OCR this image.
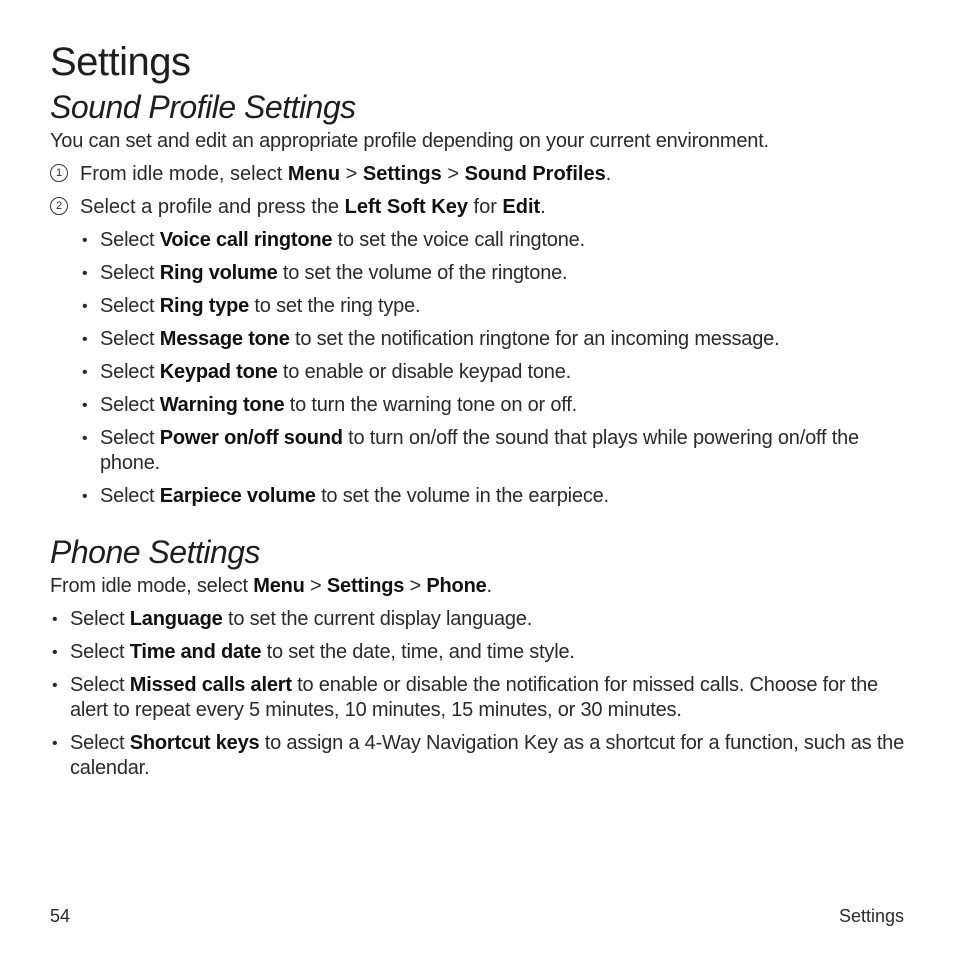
Settings
Sound Profile Settings

You can set and edit an appropriate profile depending on your current environment.

1 From idle mode, select Menu > Settings > Sound Profiles.
2 Select a profile and press the Left Soft Key for Edit.
• Select Voice call ringtone to set the voice call ringtone.
• Select Ring volume to set the volume of the ringtone.
• Select Ring type to set the ring type.
• Select Message tone to set the notification ringtone for an incoming message.
• Select Keypad tone to enable or disable keypad tone.
• Select Warning tone to turn the warning tone on or off.
• Select Power on/off sound to turn on/off the sound that plays while powering on/off the phone.
• Select Earpiece volume to set the volume in the earpiece.
Phone Settings

From idle mode, select Menu > Settings > Phone.

• Select Language to set the current display language.
• Select Time and date to set the date, time, and time style.
• Select Missed calls alert to enable or disable the notification for missed calls. Choose for the alert to repeat every 5 minutes, 10 minutes, 15 minutes, or 30 minutes.
• Select Shortcut keys to assign a 4-Way Navigation Key as a shortcut for a function, such as the calendar.
54	Settings
